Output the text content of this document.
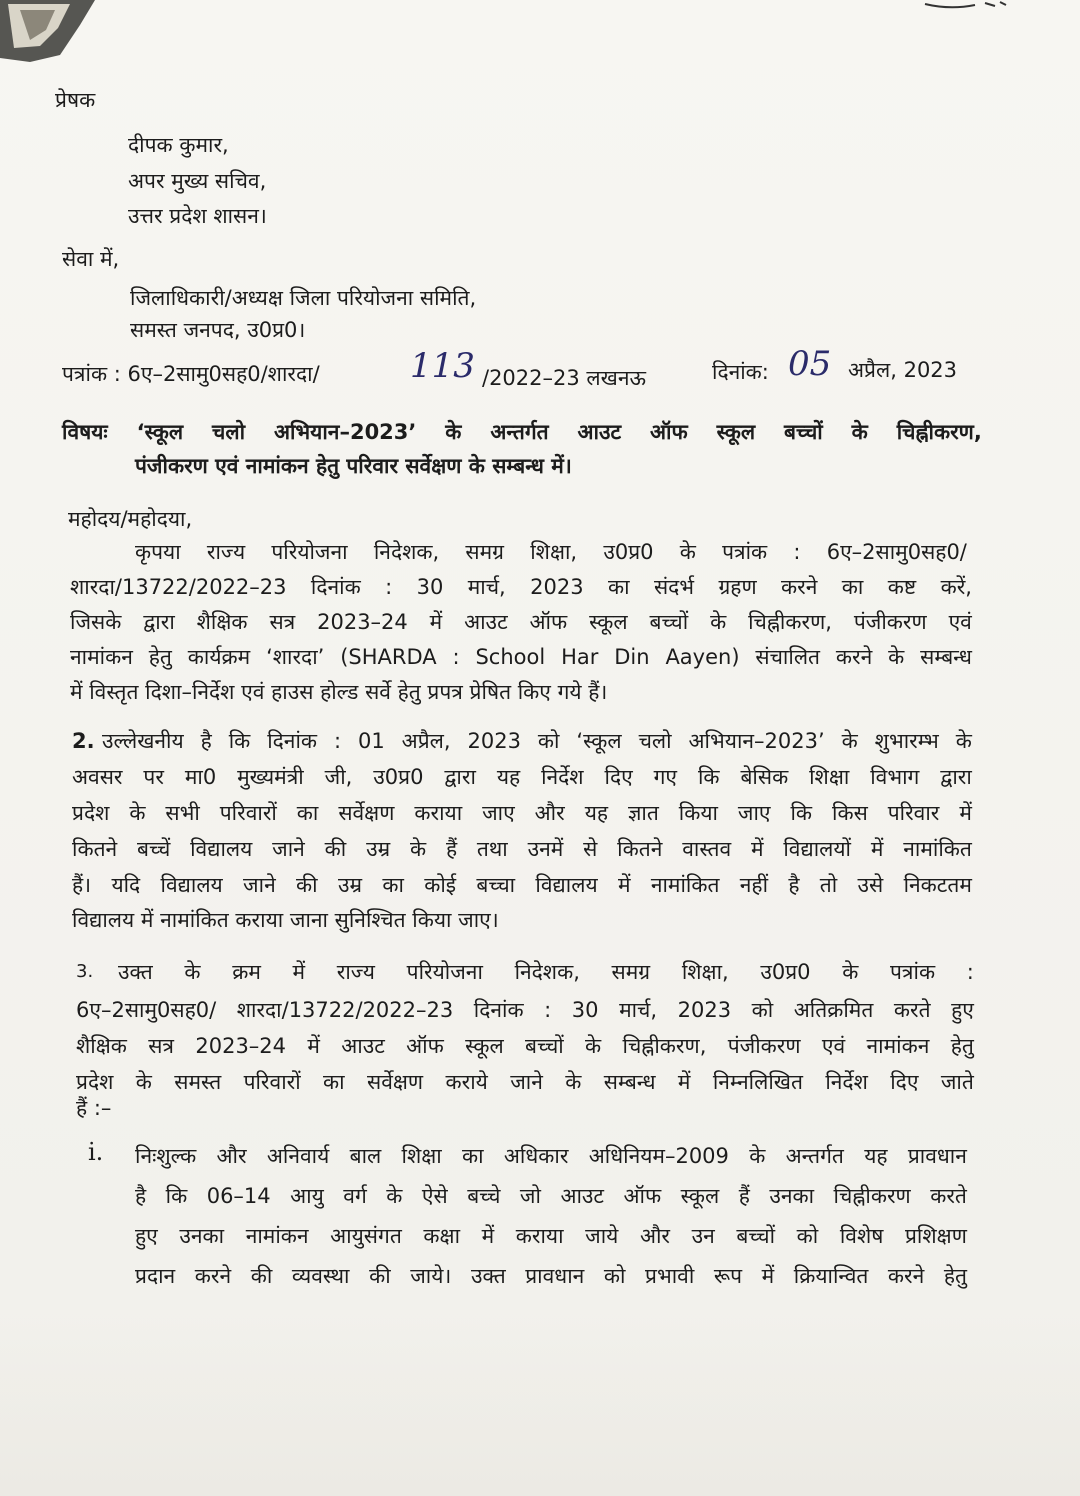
प्रेषक
दीपक कुमार,
अपर मुख्य सचिव,
उत्तर प्रदेश शासन।
सेवा में,
जिलाधिकारी/अध्यक्ष जिला परियोजना समिति,
समस्त जनपद, उ0प्र0।
पत्रांक : 6ए–2सामु0सह0/शारदा/	113 /2022–23 लखनऊ	दिनांक: 05 अप्रैल, 2023
विषयः ‘स्कूल चलो अभियान–2023’ के अन्तर्गत आउट ऑफ स्कूल बच्चों के चिह्नीकरण,
पंजीकरण एवं नामांकन हेतु परिवार सर्वेक्षण के सम्बन्ध में।
महोदय/महोदया,
कृपया राज्य परियोजना निदेशक, समग्र शिक्षा, उ0प्र0 के पत्रांक : 6ए–2सामु0सह0/
शारदा/13722/2022–23 दिनांक : 30 मार्च, 2023 का संदर्भ ग्रहण करने का कष्ट करें,
जिसके द्वारा शैक्षिक सत्र 2023–24 में आउट ऑफ स्कूल बच्चों के चिह्नीकरण, पंजीकरण एवं
नामांकन हेतु कार्यक्रम ‘शारदा’ (SHARDA : School Har Din Aayen) संचालित करने के सम्बन्ध
में विस्तृत दिशा–निर्देश एवं हाउस होल्ड सर्वे हेतु प्रपत्र प्रेषित किए गये हैं।
2. उल्लेखनीय है कि दिनांक : 01 अप्रैल, 2023 को ‘स्कूल चलो अभियान–2023’ के शुभारम्भ के
अवसर पर मा0 मुख्यमंत्री जी, उ0प्र0 द्वारा यह निर्देश दिए गए कि बेसिक शिक्षा विभाग द्वारा
प्रदेश के सभी परिवारों का सर्वेक्षण कराया जाए और यह ज्ञात किया जाए कि किस परिवार में
कितने बच्चें विद्यालय जाने की उम्र के हैं तथा उनमें से कितने वास्तव में विद्यालयों में नामांकित
हैं। यदि विद्यालय जाने की उम्र का कोई बच्चा विद्यालय में नामांकित नहीं है तो उसे निकटतम
विद्यालय में नामांकित कराया जाना सुनिश्चित किया जाए।
3. उक्त के क्रम में राज्य परियोजना निदेशक, समग्र शिक्षा, उ0प्र0 के पत्रांक :
6ए–2सामु0सह0/ शारदा/13722/2022–23 दिनांक : 30 मार्च, 2023 को अतिक्रमित करते हुए
शैक्षिक सत्र 2023–24 में आउट ऑफ स्कूल बच्चों के चिह्नीकरण, पंजीकरण एवं नामांकन हेतु
प्रदेश के समस्त परिवारों का सर्वेक्षण कराये जाने के सम्बन्ध में निम्नलिखित निर्देश दिए जाते
हैं :–
i. निःशुल्क और अनिवार्य बाल शिक्षा का अधिकार अधिनियम–2009 के अन्तर्गत यह प्रावधान
है कि 06–14 आयु वर्ग के ऐसे बच्चे जो आउट ऑफ स्कूल हैं उनका चिह्नीकरण करते
हुए उनका नामांकन आयुसंगत कक्षा में कराया जाये और उन बच्चों को विशेष प्रशिक्षण
प्रदान करने की व्यवस्था की जाये। उक्त प्रावधान को प्रभावी रूप में क्रियान्वित करने हेतु
